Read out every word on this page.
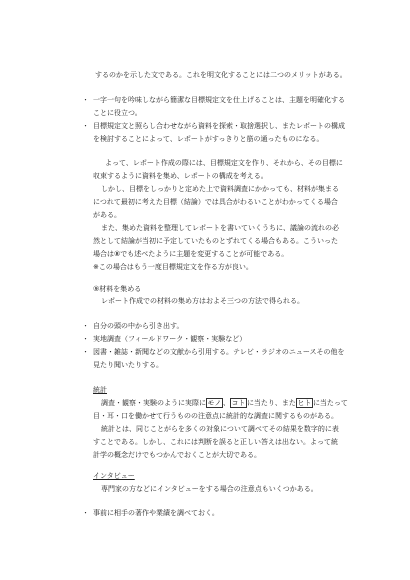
するのかを示した文である。これを明文化することには二つのメリットがある。
・ 一字一句を吟味しながら簡潔な目標規定文を仕上げることは、主題を明確化する
ことに役立つ。
・ 目標規定文と照らし合わせながら資料を探索・取捨選択し、またレポートの構成
を検討することによって、レポートがすっきりと筋の通ったものになる。
よって、レポート作成の際には、目標規定文を作り、それから、その目標に
収束するように資料を集め、レポートの構成を考える。
しかし、目標をしっかりと定めた上で資料調査にかかっても、材料が集まる
につれて最初に考えた目標（結論）では具合がわるいことがわかってくる場合
がある。
また、集めた資料を整理してレポートを書いていくうちに、議論の流れの必
然として結論が当初に予定していたものとずれてくる場合もある。こういった
場合は⑧でも述べたように主題を変更することが可能である。
※この場合はもう一度目標規定文を作る方が良い。
⑨材料を集める
レポート作成での材料の集め方はおよそ三つの方法で得られる。
・ 自分の頭の中から引き出す。
・ 実地調査（フィールドワーク・観察・実験など）
・ 図書・雑誌・新聞などの文献から引用する。テレビ・ラジオのニュースその他を
見たり聞いたりする。
統計
調査・観察・実験のように実際に モノ 、 コト に当たり、また ヒト に当たって
目・耳・口を働かせて行うものの注意点に統計的な調査に関するものがある。
統計とは、同じことがらを多くの対象について調べてその結果を数字的に表
すことである。しかし、これには判断を誤ると正しい答えは出ない。よって統
計学の概念だけでもつかんでおくことが大切である。
インタビュー
専門家の方などにインタビューをする場合の注意点もいくつかある。
・ 事前に相手の著作や業績を調べておく。
